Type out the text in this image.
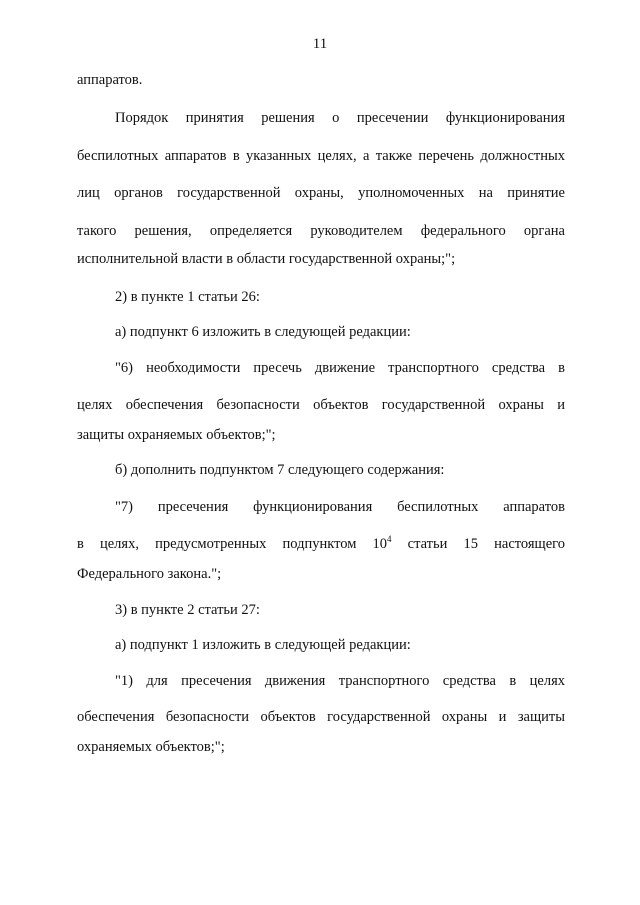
11
аппаратов.
Порядок принятия решения о пресечении функционирования
беспилотных аппаратов в указанных целях, а также перечень должностных
лиц органов государственной охраны, уполномоченных на принятие
такого решения, определяется руководителем федерального органа
исполнительной власти в области государственной охраны;";
2) в пункте 1 статьи 26:
а) подпункт 6 изложить в следующей редакции:
"6) необходимости пресечь движение транспортного средства в
целях обеспечения безопасности объектов государственной охраны и
защиты охраняемых объектов;";
б) дополнить подпунктом 7 следующего содержания:
"7) пресечения функционирования беспилотных аппаратов
в целях, предусмотренных подпунктом $10^4$ статьи 15 настоящего
Федерального закона.";
3) в пункте 2 статьи 27:
а) подпункт 1 изложить в следующей редакции:
"1) для пресечения движения транспортного средства в целях
обеспечения безопасности объектов государственной охраны и защиты
охраняемых объектов;";
